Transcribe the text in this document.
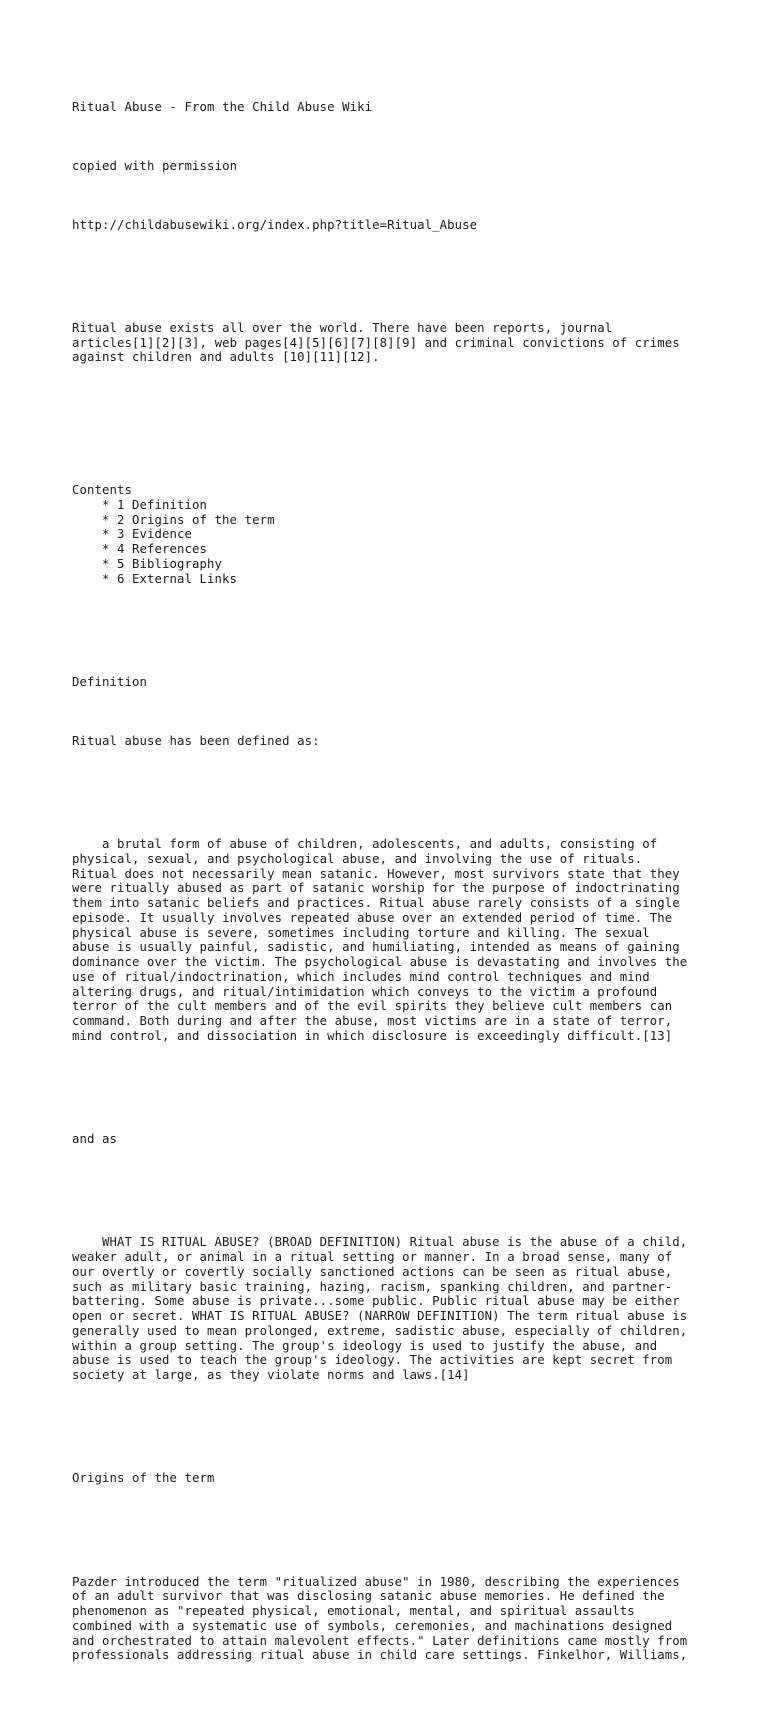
Ritual Abuse - From the Child Abuse Wiki

copied with permission

http://childabusewiki.org/index.php?title=Ritual_Abuse

Ritual abuse exists all over the world. There have been reports, journal
articles[1][2][3], web pages[4][5][6][7][8][9] and criminal convictions of crimes
against children and adults [10][11][12].

Contents
* 1 Definition
* 2 Origins of the term
* 3 Evidence
* 4 References
* 5 Bibliography
* 6 External Links

Definition

Ritual abuse has been defined as:

a brutal form of abuse of children, adolescents, and adults, consisting of
physical, sexual, and psychological abuse, and involving the use of rituals.
Ritual does not necessarily mean satanic. However, most survivors state that they
were ritually abused as part of satanic worship for the purpose of indoctrinating
them into satanic beliefs and practices. Ritual abuse rarely consists of a single
episode. It usually involves repeated abuse over an extended period of time. The
physical abuse is severe, sometimes including torture and killing. The sexual
abuse is usually painful, sadistic, and humiliating, intended as means of gaining
dominance over the victim. The psychological abuse is devastating and involves the
use of ritual/indoctrination, which includes mind control techniques and mind
altering drugs, and ritual/intimidation which conveys to the victim a profound
terror of the cult members and of the evil spirits they believe cult members can
command. Both during and after the abuse, most victims are in a state of terror,
mind control, and dissociation in which disclosure is exceedingly difficult.[13]

and as

WHAT IS RITUAL ABUSE? (BROAD DEFINITION) Ritual abuse is the abuse of a child,
weaker adult, or animal in a ritual setting or manner. In a broad sense, many of
our overtly or covertly socially sanctioned actions can be seen as ritual abuse,
such as military basic training, hazing, racism, spanking children, and partner-
battering. Some abuse is private...some public. Public ritual abuse may be either
open or secret. WHAT IS RITUAL ABUSE? (NARROW DEFINITION) The term ritual abuse is
generally used to mean prolonged, extreme, sadistic abuse, especially of children,
within a group setting. The group's ideology is used to justify the abuse, and
abuse is used to teach the group's ideology. The activities are kept secret from
society at large, as they violate norms and laws.[14]

Origins of the term

Pazder introduced the term "ritualized abuse" in 1980, describing the experiences
of an adult survivor that was disclosing satanic abuse memories. He defined the
phenomenon as "repeated physical, emotional, mental, and spiritual assaults
combined with a systematic use of symbols, ceremonies, and machinations designed
and orchestrated to attain malevolent effects." Later definitions came mostly from
professionals addressing ritual abuse in child care settings. Finkelhor, Williams,
